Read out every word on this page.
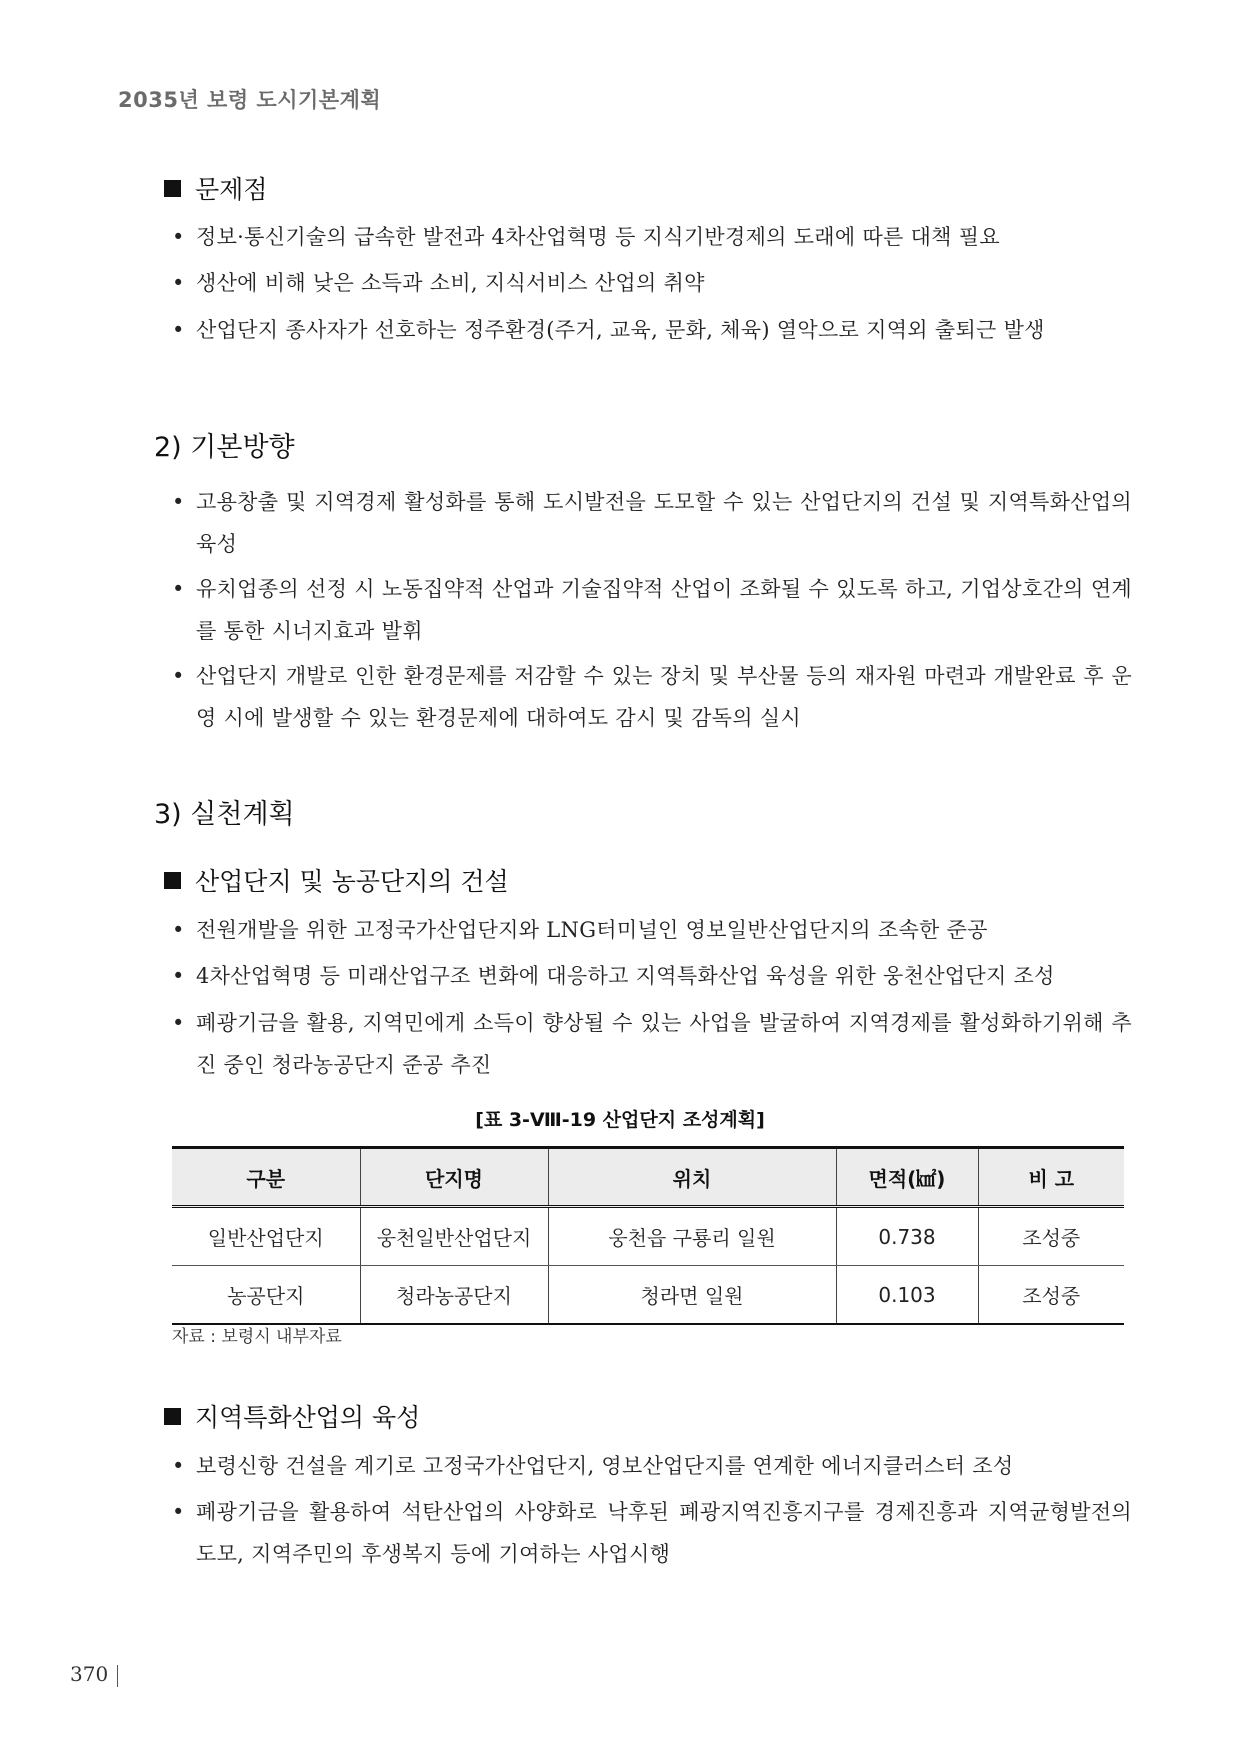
2035년 보령 도시기본계획
문제점
• 정보·통신기술의 급속한 발전과 4차산업혁명 등 지식기반경제의 도래에 따른 대책 필요
• 생산에 비해 낮은 소득과 소비, 지식서비스 산업의 취약
• 산업단지 종사자가 선호하는 정주환경(주거, 교육, 문화, 체육) 열악으로 지역외 출퇴근 발생
2) 기본방향
• 고용창출 및 지역경제 활성화를 통해 도시발전을 도모할 수 있는 산업단지의 건설 및 지역특화산업의 육성
• 유치업종의 선정 시 노동집약적 산업과 기술집약적 산업이 조화될 수 있도록 하고, 기업상호간의 연계를 통한 시너지효과 발휘
• 산업단지 개발로 인한 환경문제를 저감할 수 있는 장치 및 부산물 등의 재자원 마련과 개발완료 후 운영 시에 발생할 수 있는 환경문제에 대하여도 감시 및 감독의 실시
3) 실천계획
산업단지 및 농공단지의 건설
• 전원개발을 위한 고정국가산업단지와 LNG터미널인 영보일반산업단지의 조속한 준공
• 4차산업혁명 등 미래산업구조 변화에 대응하고 지역특화산업 육성을 위한 웅천산업단지 조성
• 폐광기금을 활용, 지역민에게 소득이 향상될 수 있는 사업을 발굴하여 지역경제를 활성화하기위해 추진 중인 청라농공단지 준공 추진
[표 3-Ⅷ-19 산업단지 조성계획]
구분	단지명	위치	면적(㎢)	비 고
일반산업단지	웅천일반산업단지	웅천읍 구룡리 일원	0.738	조성중
농공단지	청라농공단지	청라면 일원	0.103	조성중
자료 : 보령시 내부자료
지역특화산업의 육성
• 보령신항 건설을 계기로 고정국가산업단지, 영보산업단지를 연계한 에너지클러스터 조성
• 폐광기금을 활용하여 석탄산업의 사양화로 낙후된 폐광지역진흥지구를 경제진흥과 지역균형발전의 도모, 지역주민의 후생복지 등에 기여하는 사업시행
370
